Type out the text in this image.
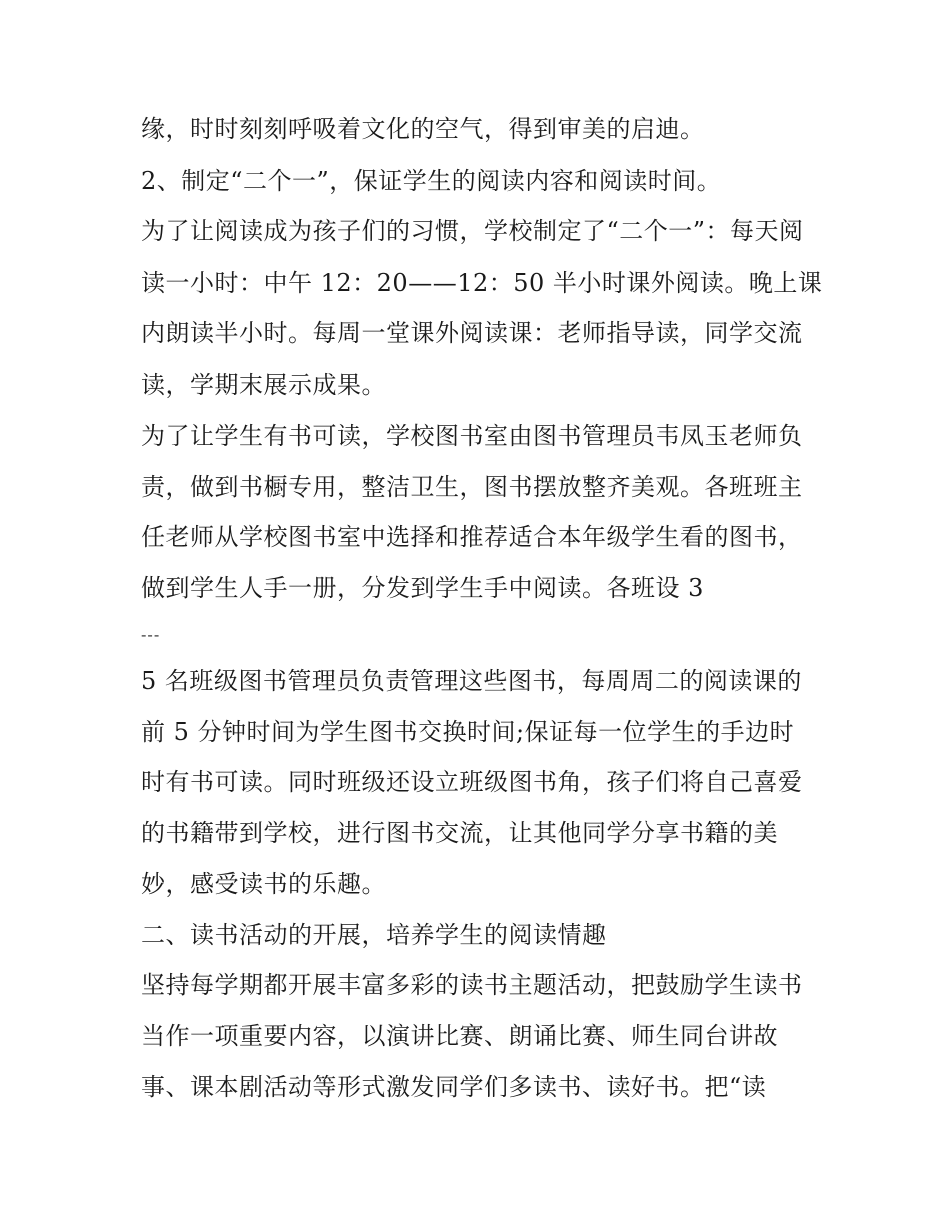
缘，时时刻刻呼吸着文化的空气，得到审美的启迪。
2、制定“二个一”，保证学生的阅读内容和阅读时间。
为了让阅读成为孩子们的习惯，学校制定了“二个一”：每天阅
读一小时：中午 12：20——12：50 半小时课外阅读。晚上课
内朗读半小时。每周一堂课外阅读课：老师指导读，同学交流
读，学期末展示成果。
为了让学生有书可读，学校图书室由图书管理员韦凤玉老师负
责，做到书橱专用，整洁卫生，图书摆放整齐美观。各班班主
任老师从学校图书室中选择和推荐适合本年级学生看的图书，
做到学生人手一册，分发到学生手中阅读。各班设 3
---
5 名班级图书管理员负责管理这些图书，每周周二的阅读课的
前 5 分钟时间为学生图书交换时间;保证每一位学生的手边时
时有书可读。同时班级还设立班级图书角，孩子们将自己喜爱
的书籍带到学校，进行图书交流，让其他同学分享书籍的美
妙，感受读书的乐趣。
二、读书活动的开展，培养学生的阅读情趣
坚持每学期都开展丰富多彩的读书主题活动，把鼓励学生读书
当作一项重要内容，以演讲比赛、朗诵比赛、师生同台讲故
事、课本剧活动等形式激发同学们多读书、读好书。把“读
